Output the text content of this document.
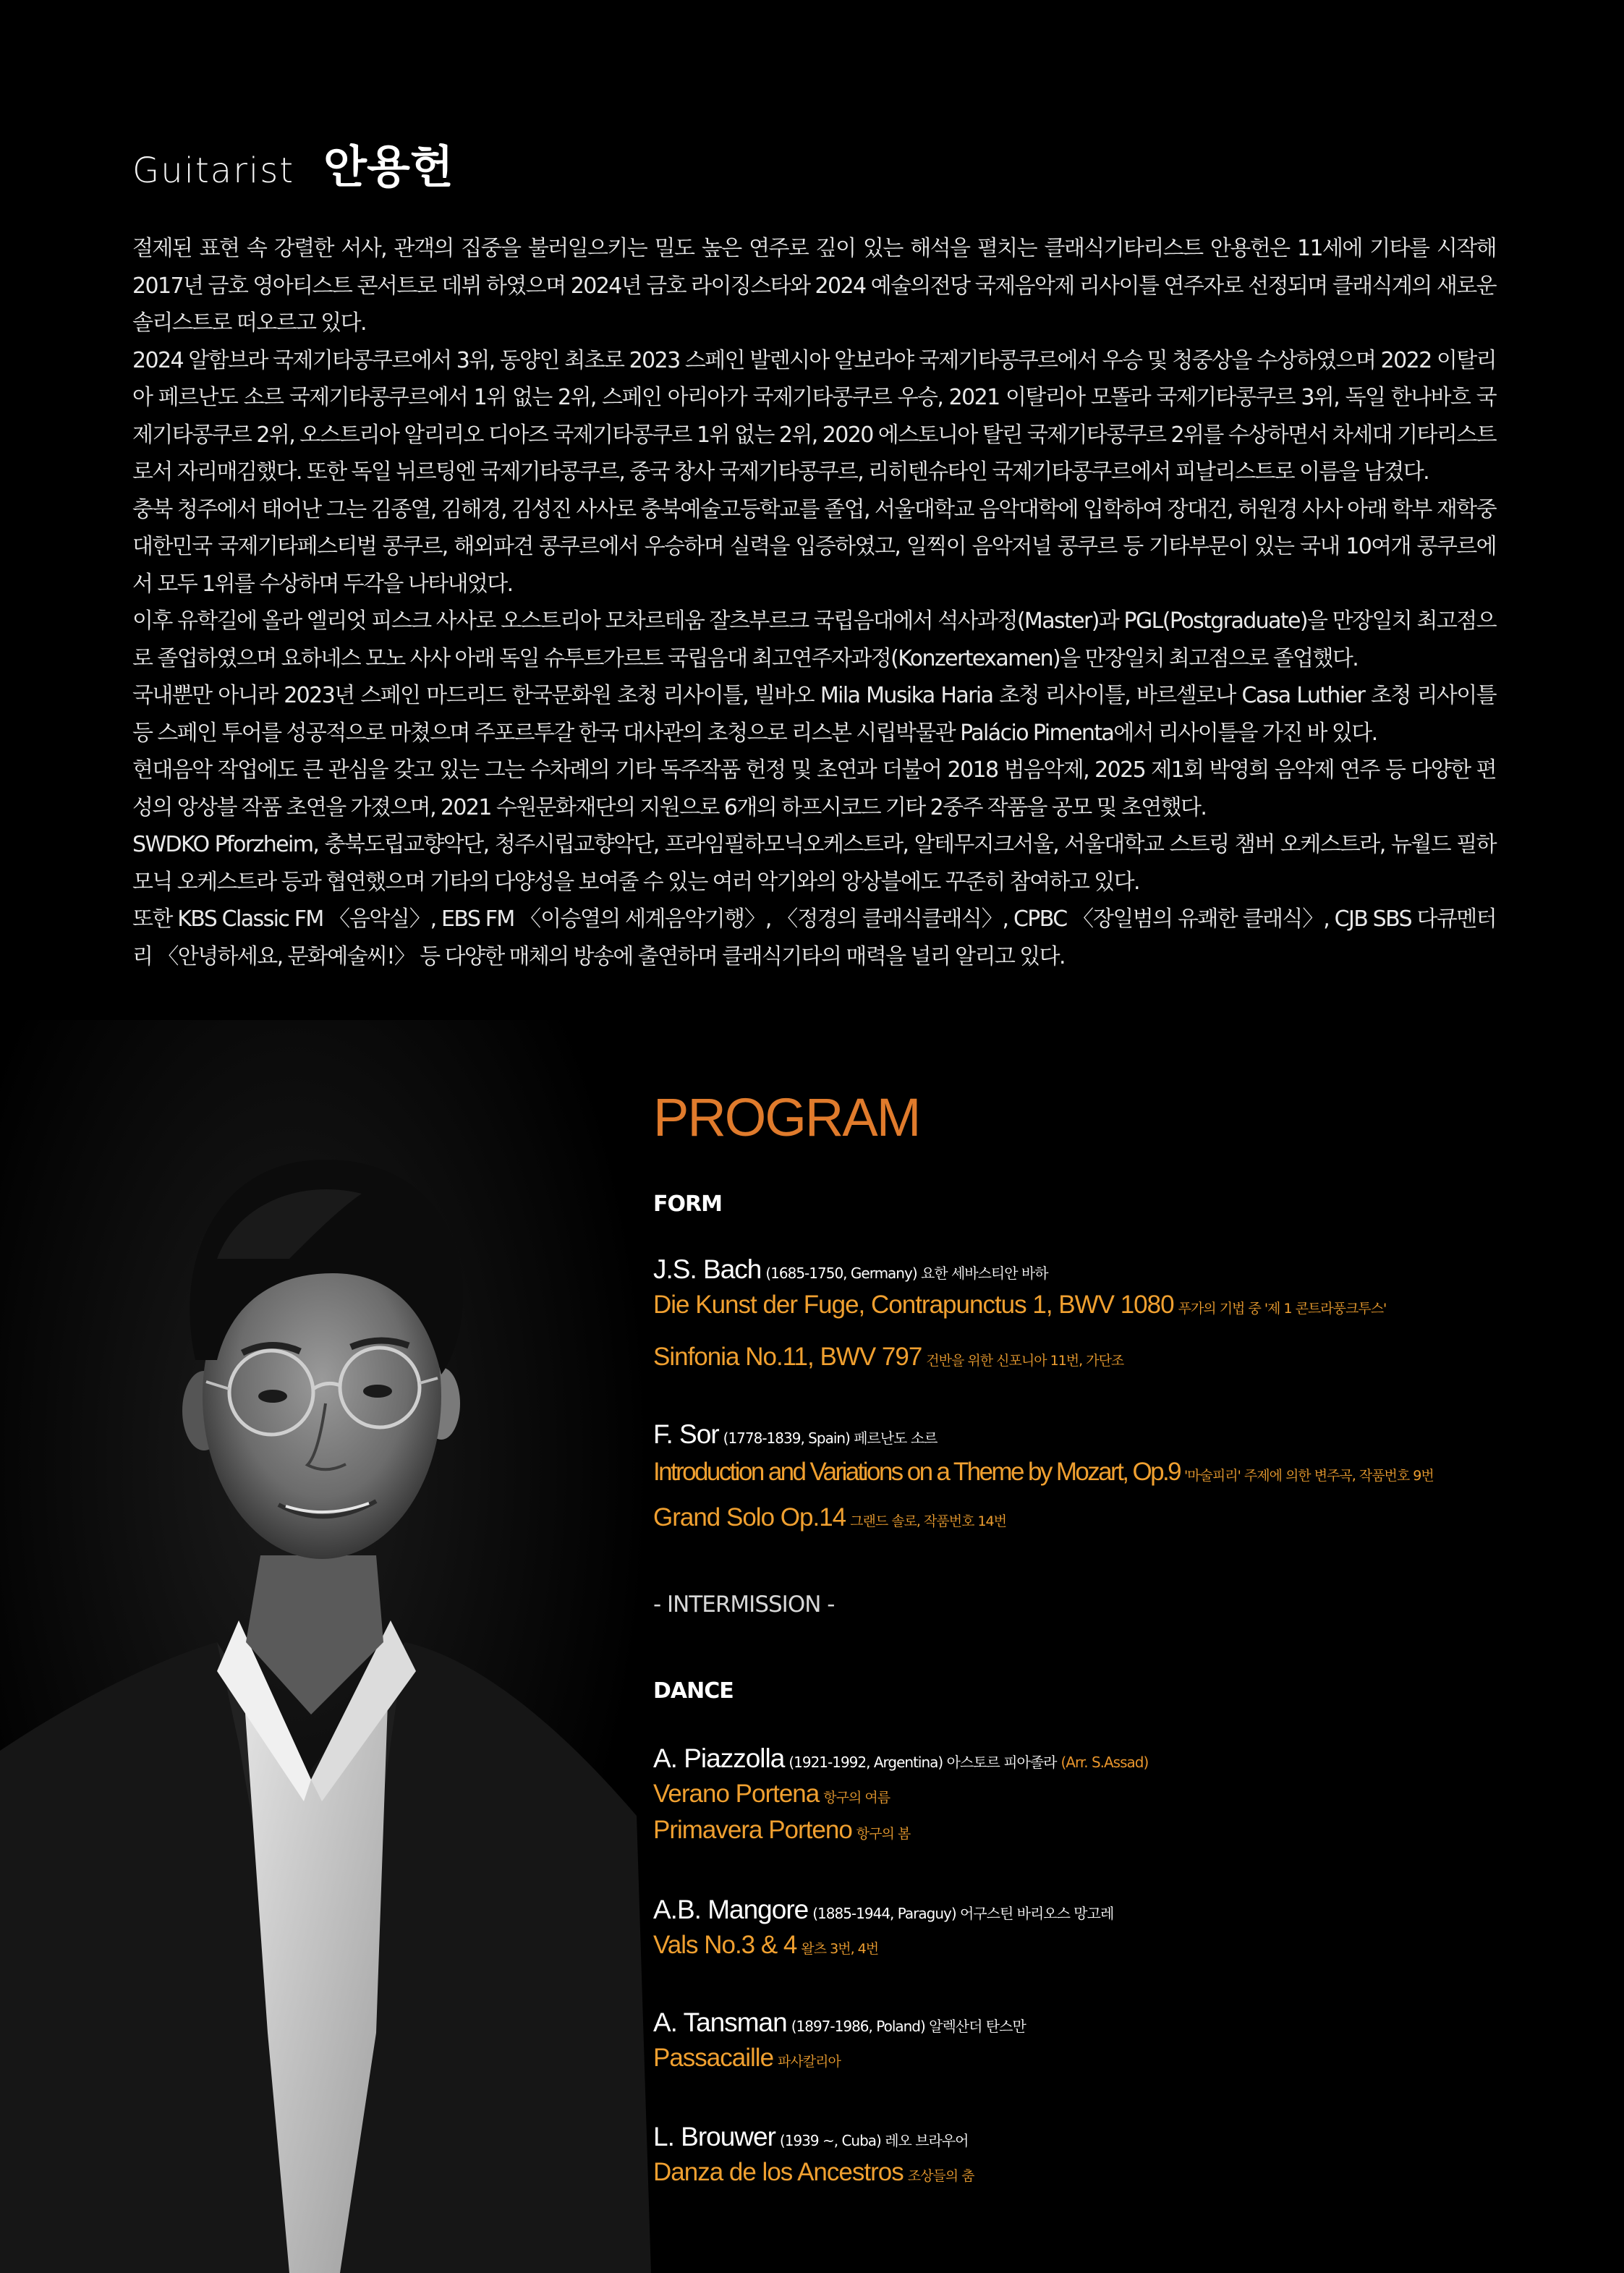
Guitarist 안용헌

절제된 표현 속 강렬한 서사, 관객의 집중을 불러일으키는 밀도 높은 연주로 깊이 있는 해석을 펼치는 클래식기타리스트 안용헌은 11세에 기타를 시작해 2017년 금호 영아티스트 콘서트로 데뷔 하였으며 2024년 금호 라이징스타와 2024 예술의전당 국제음악제 리사이틀 연주자로 선정되며 클래식계의 새로운 솔리스트로 떠오르고 있다.

2024 알함브라 국제기타콩쿠르에서 3위, 동양인 최초로 2023 스페인 발렌시아 알보라야 국제기타콩쿠르에서 우승 및 청중상을 수상하였으며 2022 이탈리아 페르난도 소르 국제기타콩쿠르에서 1위 없는 2위, 스페인 아리아가 국제기타콩쿠르 우승, 2021 이탈리아 모똘라 국제기타콩쿠르 3위, 독일 한나바흐 국제기타콩쿠르 2위, 오스트리아 알리리오 디아즈 국제기타콩쿠르 1위 없는 2위, 2020 에스토니아 탈린 국제기타콩쿠르 2위를 수상하면서 차세대 기타리스트로서 자리매김했다. 또한 독일 뉘르팅엔 국제기타콩쿠르, 중국 창사 국제기타콩쿠르, 리히텐슈타인 국제기타콩쿠르에서 피날리스트로 이름을 남겼다.

충북 청주에서 태어난 그는 김종열, 김해경, 김성진 사사로 충북예술고등학교를 졸업, 서울대학교 음악대학에 입학하여 장대건, 허원경 사사 아래 학부 재학중 대한민국 국제기타페스티벌 콩쿠르, 해외파견 콩쿠르에서 우승하며 실력을 입증하였고, 일찍이 음악저널 콩쿠르 등 기타부문이 있는 국내 10여개 콩쿠르에서 모두 1위를 수상하며 두각을 나타내었다.

이후 유학길에 올라 엘리엇 피스크 사사로 오스트리아 모차르테움 잘츠부르크 국립음대에서 석사과정(Master)과 PGL(Postgraduate)을 만장일치 최고점으로 졸업하였으며 요하네스 모노 사사 아래 독일 슈투트가르트 국립음대 최고연주자과정(Konzertexamen)을 만장일치 최고점으로 졸업했다.

국내뿐만 아니라 2023년 스페인 마드리드 한국문화원 초청 리사이틀, 빌바오 Mila Musika Haria 초청 리사이틀, 바르셀로나 Casa Luthier 초청 리사이틀 등 스페인 투어를 성공적으로 마쳤으며 주포르투갈 한국 대사관의 초청으로 리스본 시립박물관 Palácio Pimenta에서 리사이틀을 가진 바 있다.

현대음악 작업에도 큰 관심을 갖고 있는 그는 수차례의 기타 독주작품 헌정 및 초연과 더불어 2018 범음악제, 2025 제1회 박영희 음악제 연주 등 다양한 편성의 앙상블 작품 초연을 가졌으며, 2021 수원문화재단의 지원으로 6개의 하프시코드 기타 2중주 작품을 공모 및 초연했다.

SWDKO Pforzheim, 충북도립교향악단, 청주시립교향악단, 프라임필하모닉오케스트라, 알테무지크서울, 서울대학교 스트링 챔버 오케스트라, 뉴월드 필하모닉 오케스트라 등과 협연했으며 기타의 다양성을 보여줄 수 있는 여러 악기와의 앙상블에도 꾸준히 참여하고 있다.

또한 KBS Classic FM 〈음악실〉, EBS FM 〈이승열의 세계음악기행〉, 〈정경의 클래식클래식〉, CPBC 〈장일범의 유쾌한 클래식〉, CJB SBS 다큐멘터리 〈안녕하세요, 문화예술씨!〉 등 다양한 매체의 방송에 출연하며 클래식기타의 매력을 널리 알리고 있다.

PROGRAM
FORM
J.S. Bach (1685-1750, Germany) 요한 세바스티안 바하
Die Kunst der Fuge, Contrapunctus 1, BWV 1080 푸가의 기법 중 '제 1 콘트라풍크투스'
Sinfonia No.11, BWV 797 건반을 위한 신포니아 11번, 가단조
F. Sor (1778-1839, Spain) 페르난도 소르
Introduction and Variations on a Theme by Mozart, Op.9 '마술피리' 주제에 의한 변주곡, 작품번호 9번
Grand Solo Op.14 그랜드 솔로, 작품번호 14번
- INTERMISSION -
DANCE
A. Piazzolla (1921-1992, Argentina) 아스토르 피아졸라 (Arr. S.Assad)
Verano Portena 항구의 여름
Primavera Porteno 항구의 봄
A.B. Mangore (1885-1944, Paraguy) 어구스틴 바리오스 망고레
Vals No.3 & 4 왈츠 3번, 4번
A. Tansman (1897-1986, Poland) 알렉산더 탄스만
Passacaille 파사칼리아
L. Brouwer (1939 ~, Cuba) 레오 브라우어
Danza de los Ancestros 조상들의 춤
